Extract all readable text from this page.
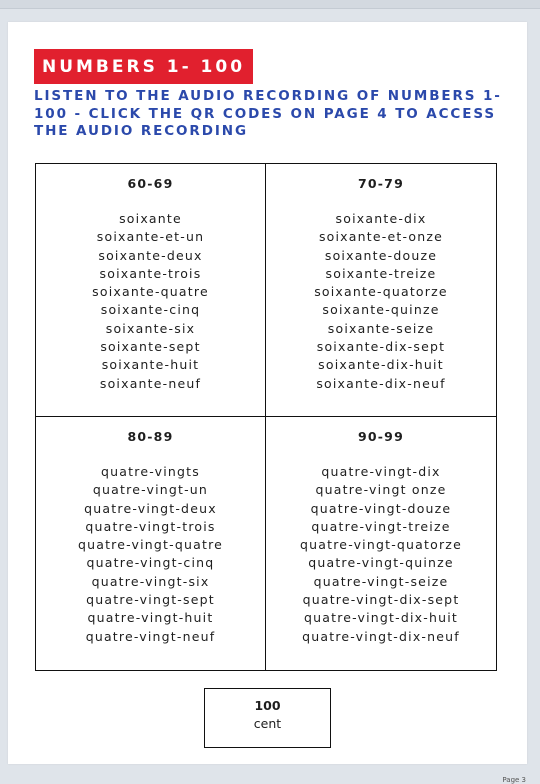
NUMBERS 1- 100

LISTEN TO THE AUDIO RECORDING OF NUMBERS 1-100 - CLICK THE QR CODES ON PAGE 4 TO ACCESS THE AUDIO RECORDING

60-69
soixante
soixante-et-un
soixante-deux
soixante-trois
soixante-quatre
soixante-cinq
soixante-six
soixante-sept
soixante-huit
soixante-neuf
70-79
soixante-dix
soixante-et-onze
soixante-douze
soixante-treize
soixante-quatorze
soixante-quinze
soixante-seize
soixante-dix-sept
soixante-dix-huit
soixante-dix-neuf
80-89
quatre-vingts
quatre-vingt-un
quatre-vingt-deux
quatre-vingt-trois
quatre-vingt-quatre
quatre-vingt-cinq
quatre-vingt-six
quatre-vingt-sept
quatre-vingt-huit
quatre-vingt-neuf
90-99
quatre-vingt-dix
quatre-vingt onze
quatre-vingt-douze
quatre-vingt-treize
quatre-vingt-quatorze
quatre-vingt-quinze
quatre-vingt-seize
quatre-vingt-dix-sept
quatre-vingt-dix-huit
quatre-vingt-dix-neuf
100
cent
Page 3
